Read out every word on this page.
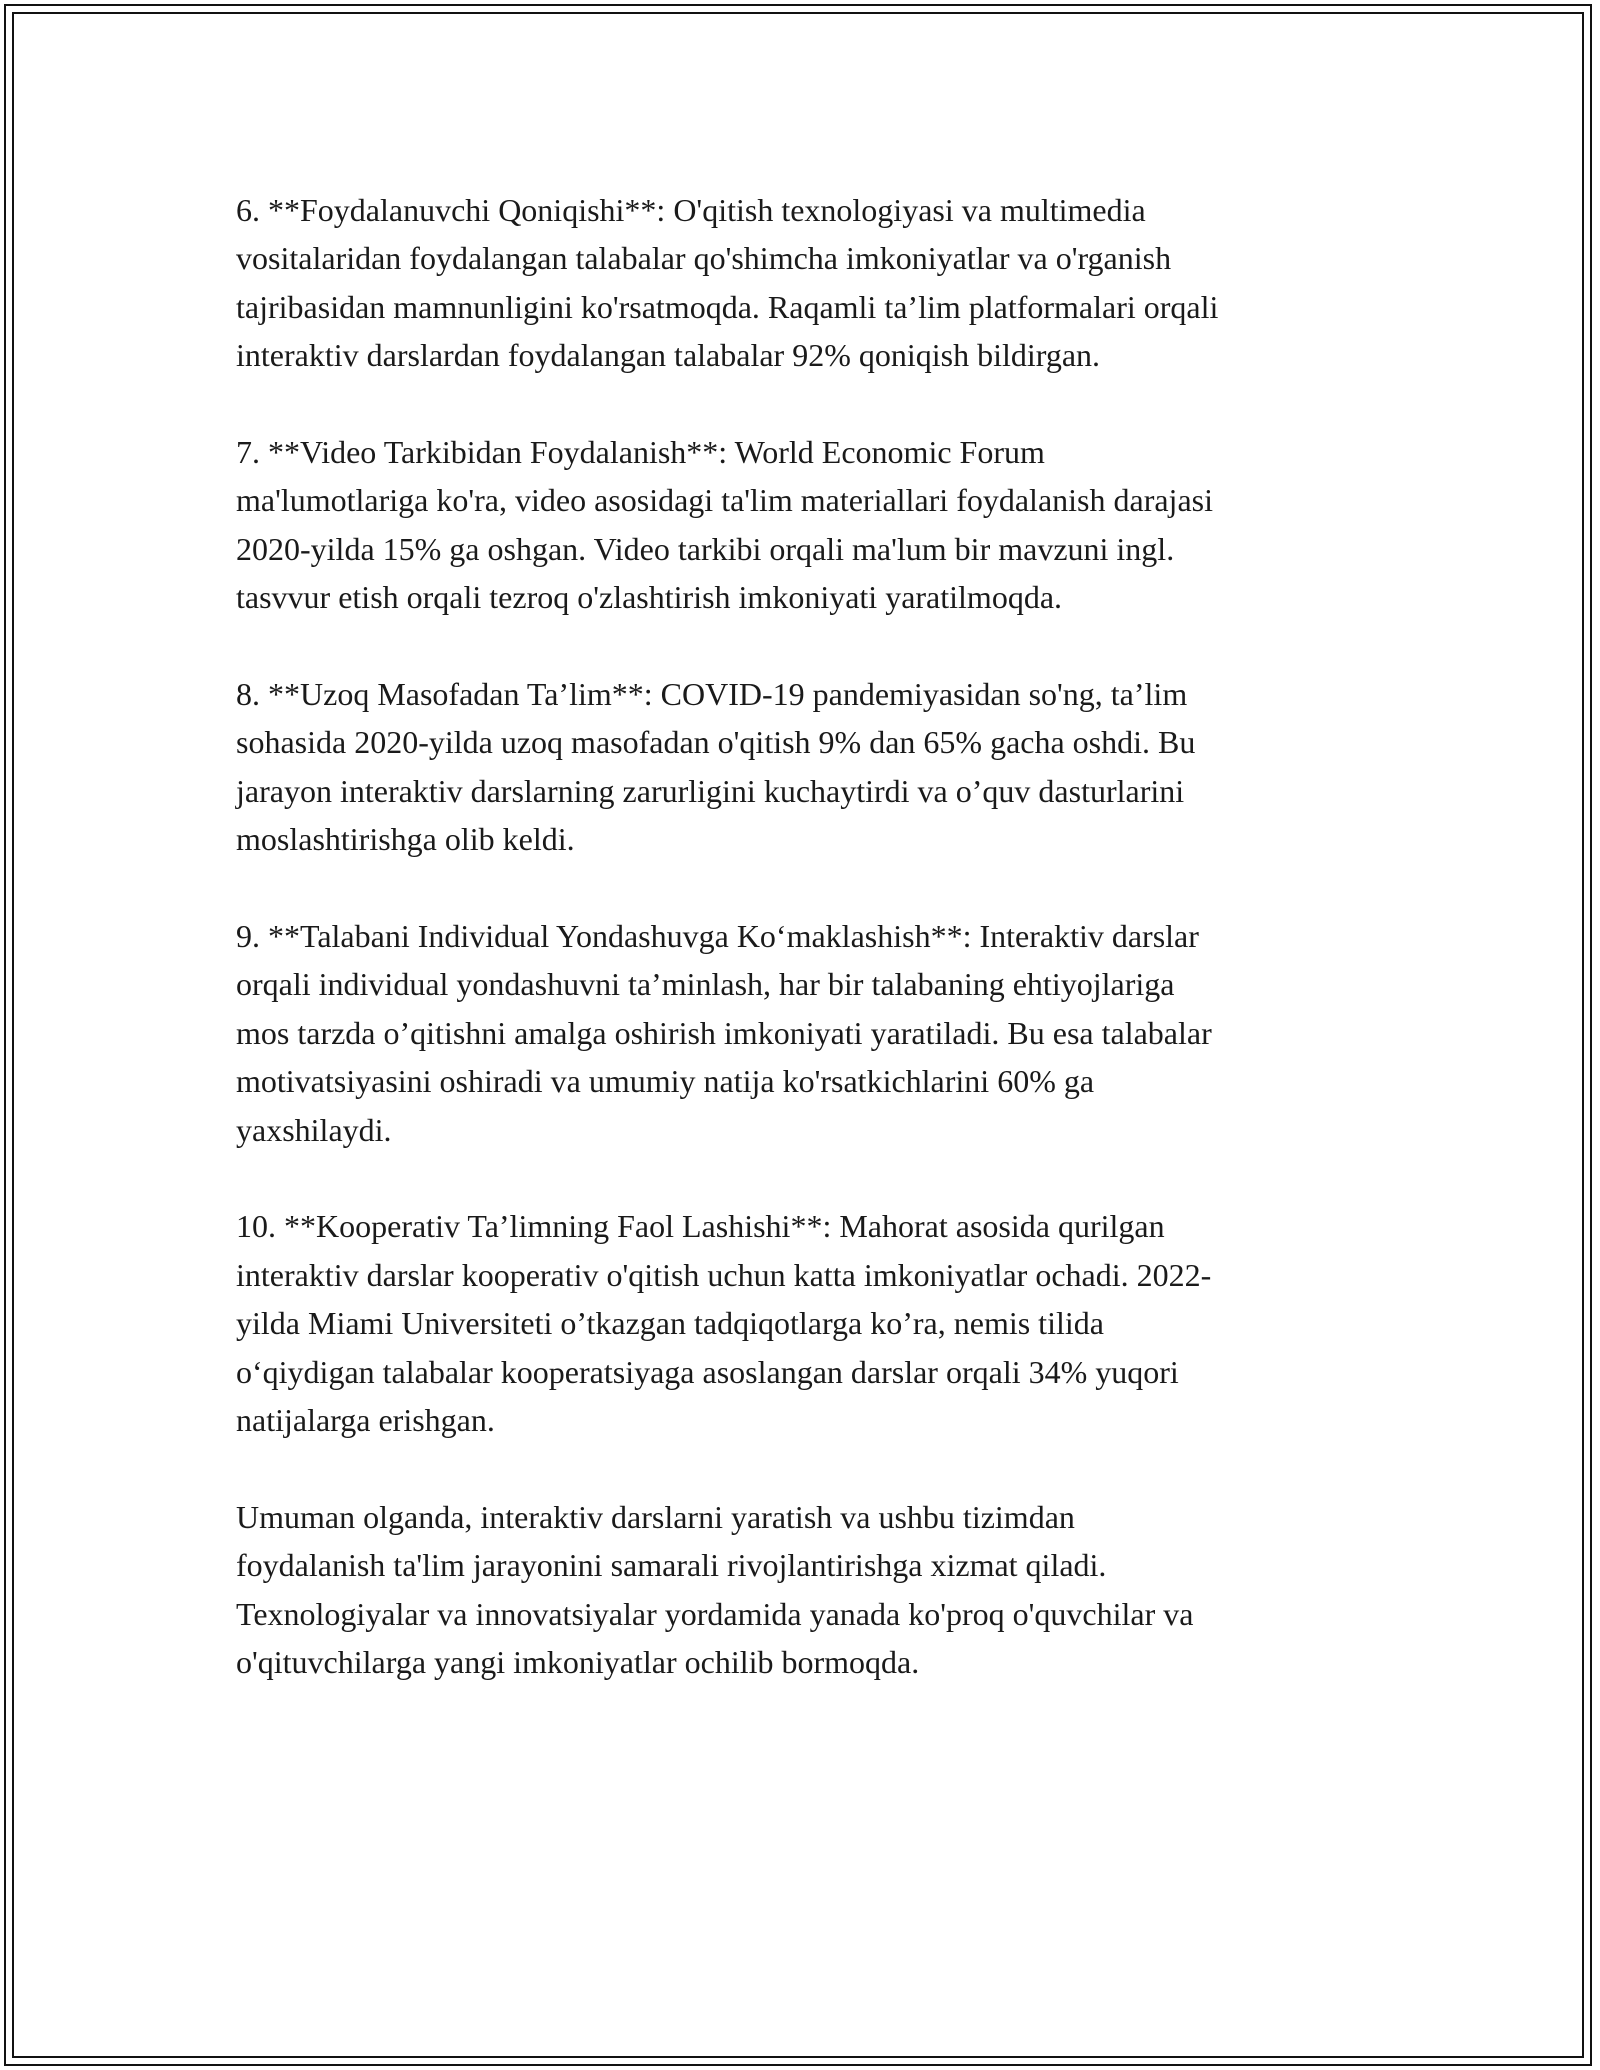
6. **Foydalanuvchi Qoniqishi**: O'qitish texnologiyasi va multimedia
vositalaridan foydalangan talabalar qo'shimcha imkoniyatlar va o'rganish
tajribasidan mamnunligini ko'rsatmoqda. Raqamli ta’lim platformalari orqali
interaktiv darslardan foydalangan talabalar 92% qoniqish bildirgan.
7. **Video Tarkibidan Foydalanish**: World Economic Forum
ma'lumotlariga ko'ra, video asosidagi ta'lim materiallari foydalanish darajasi
2020-yilda 15% ga oshgan. Video tarkibi orqali ma'lum bir mavzuni ingl.
tasvvur etish orqali tezroq o'zlashtirish imkoniyati yaratilmoqda.
8. **Uzoq Masofadan Ta’lim**: COVID-19 pandemiyasidan so'ng, ta’lim
sohasida 2020-yilda uzoq masofadan o'qitish 9% dan 65% gacha oshdi. Bu
jarayon interaktiv darslarning zarurligini kuchaytirdi va o’quv dasturlarini
moslashtirishga olib keldi.
9. **Talabani Individual Yondashuvga Ko‘maklashish**: Interaktiv darslar
orqali individual yondashuvni ta’minlash, har bir talabaning ehtiyojlariga
mos tarzda o’qitishni amalga oshirish imkoniyati yaratiladi. Bu esa talabalar
motivatsiyasini oshiradi va umumiy natija ko'rsatkichlarini 60% ga
yaxshilaydi.
10. **Kooperativ Ta’limning Faol Lashishi**: Mahorat asosida qurilgan
interaktiv darslar kooperativ o'qitish uchun katta imkoniyatlar ochadi. 2022-
yilda Miami Universiteti o’tkazgan tadqiqotlarga ko’ra, nemis tilida
o‘qiydigan talabalar kooperatsiyaga asoslangan darslar orqali 34% yuqori
natijalarga erishgan.
Umuman olganda, interaktiv darslarni yaratish va ushbu tizimdan
foydalanish ta'lim jarayonini samarali rivojlantirishga xizmat qiladi.
Texnologiyalar va innovatsiyalar yordamida yanada ko'proq o'quvchilar va
o'qituvchilarga yangi imkoniyatlar ochilib bormoqda.
